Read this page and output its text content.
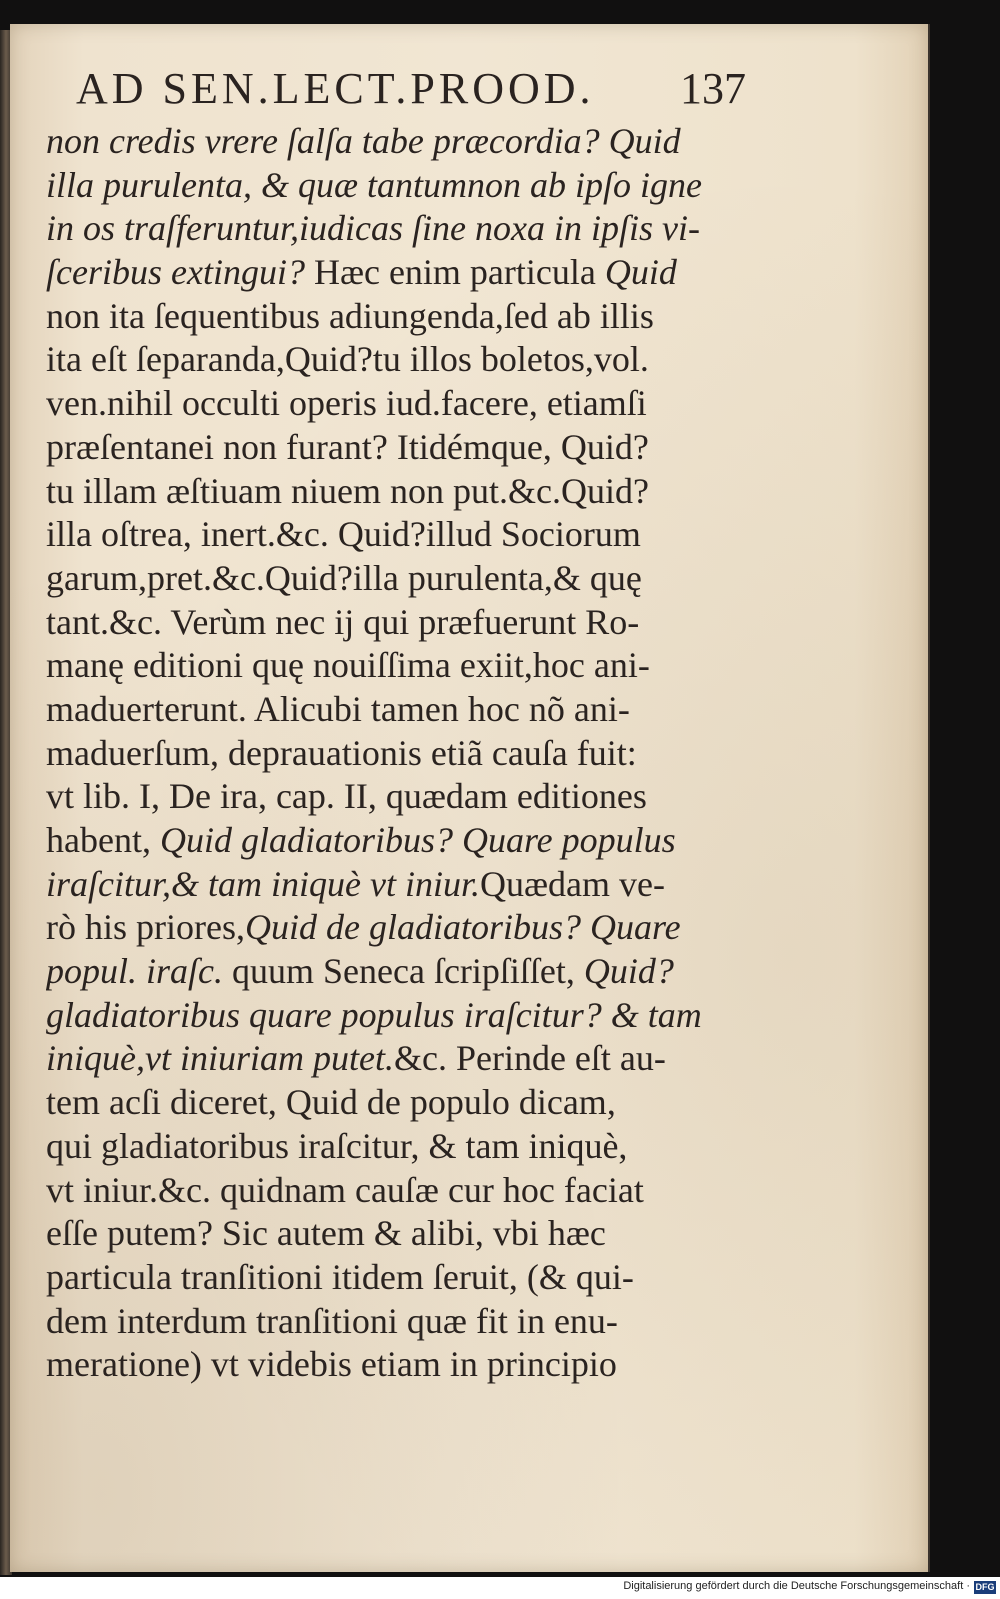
AD SEN.LECT.PROOD. 137
non credis vrere ſalſa tabe præcordia? Quid
illa purulenta, & quæ tantumnon ab ipſo igne
in os traſferuntur,iudicas ſine noxa in ipſis vi-
ſceribus extingui? Hæc enim particula Quid
non ita ſequentibus adiungenda,ſed ab illis
ita eſt ſeparanda,Quid?tu illos boletos,vol.
ven.nihil occulti operis iud.facere, etiamſi
præſentanei non furant? Itidémque, Quid?
tu illam æſtiuam niuem non put.&c.Quid?
illa oſtrea, inert.&c. Quid?illud Sociorum
garum,pret.&c.Quid?illa purulenta,& quę
tant.&c. Verùm nec ij qui præfuerunt Ro-
manę editioni quę nouiſſima exiit,hoc ani-
maduerterunt. Alicubi tamen hoc nõ ani-
maduerſum, deprauationis etiã cauſa fuit:
vt lib. I, De ira, cap. II, quædam editiones
habent, Quid gladiatoribus? Quare populus
iraſcitur,& tam iniquè vt iniur.Quædam ve-
rò his priores,Quid de gladiatoribus? Quare
popul. iraſc. quum Seneca ſcripſiſſet, Quid?
gladiatoribus quare populus iraſcitur? & tam
iniquè,vt iniuriam putet.&c. Perinde eſt au-
tem acſi diceret, Quid de populo dicam,
qui gladiatoribus iraſcitur, & tam iniquè,
vt iniur.&c. quidnam cauſæ cur hoc faciat
eſſe putem? Sic autem & alibi, vbi hæc
particula tranſitioni itidem ſeruit, (& qui-
dem interdum tranſitioni quæ fit in enu-
meratione) vt videbis etiam in principio
Digitalisierung gefördert durch die Deutsche Forschungsgemeinschaft · DFG
